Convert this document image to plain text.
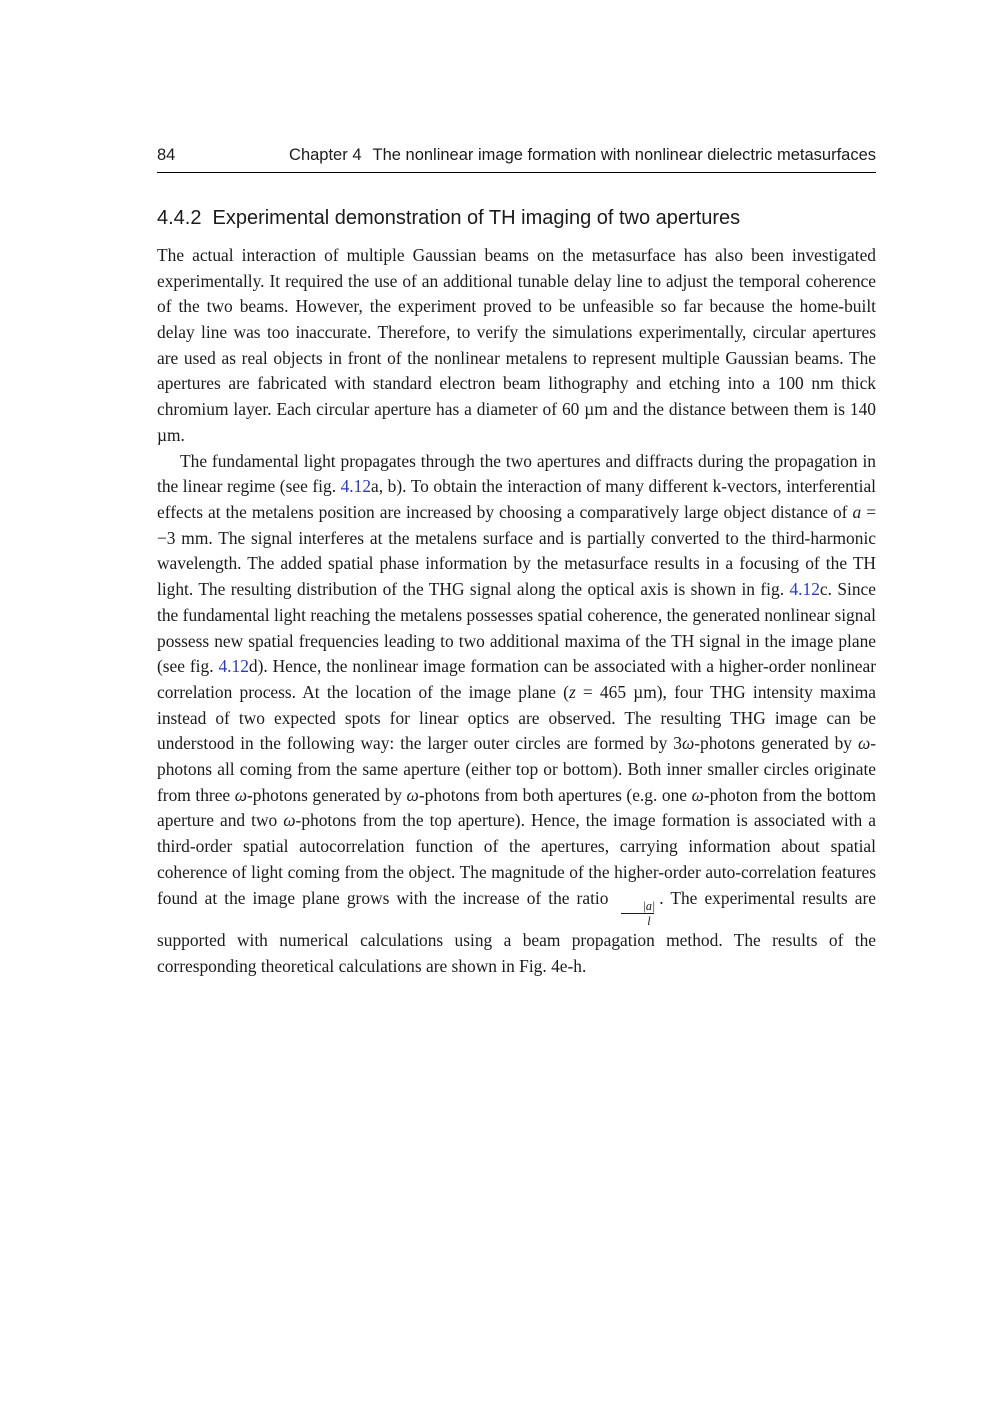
84	Chapter 4 The nonlinear image formation with nonlinear dielectric metasurfaces
4.4.2 Experimental demonstration of TH imaging of two apertures

The actual interaction of multiple Gaussian beams on the metasurface has also been investigated experimentally. It required the use of an additional tunable delay line to adjust the temporal coherence of the two beams. However, the experiment proved to be unfeasible so far because the home-built delay line was too inaccurate. Therefore, to verify the simulations experimentally, circular apertures are used as real objects in front of the nonlinear metalens to represent multiple Gaussian beams. The apertures are fabricated with standard electron beam lithography and etching into a 100 nm thick chromium layer. Each circular aperture has a diameter of 60 µm and the distance between them is 140 µm.

The fundamental light propagates through the two apertures and diffracts during the propagation in the linear regime (see fig. 4.12a, b). To obtain the interaction of many different k-vectors, interferential effects at the metalens position are increased by choosing a comparatively large object distance of a = −3 mm. The signal interferes at the metalens surface and is partially converted to the third-harmonic wavelength. The added spatial phase information by the metasurface results in a focusing of the TH light. The resulting distribution of the THG signal along the optical axis is shown in fig. 4.12c. Since the fundamental light reaching the metalens possesses spatial coherence, the generated nonlinear signal possess new spatial frequencies leading to two additional maxima of the TH signal in the image plane (see fig. 4.12d). Hence, the nonlinear image formation can be associated with a higher-order nonlinear correlation process. At the location of the image plane (z = 465 µm), four THG intensity maxima instead of two expected spots for linear optics are observed. The resulting THG image can be understood in the following way: the larger outer circles are formed by 3ω-photons generated by ω-photons all coming from the same aperture (either top or bottom). Both inner smaller circles originate from three ω-photons generated by ω-photons from both apertures (e.g. one ω-photon from the bottom aperture and two ω-photons from the top aperture). Hence, the image formation is associated with a third-order spatial autocorrelation function of the apertures, carrying information about spatial coherence of light coming from the object. The magnitude of the higher-order auto-correlation features found at the image plane grows with the increase of the ratio
$\frac{|a|}{l}$
. The experimental results are supported with numerical calculations using a beam propagation method. The results of the corresponding theoretical calculations are shown in Fig. 4e-h.
